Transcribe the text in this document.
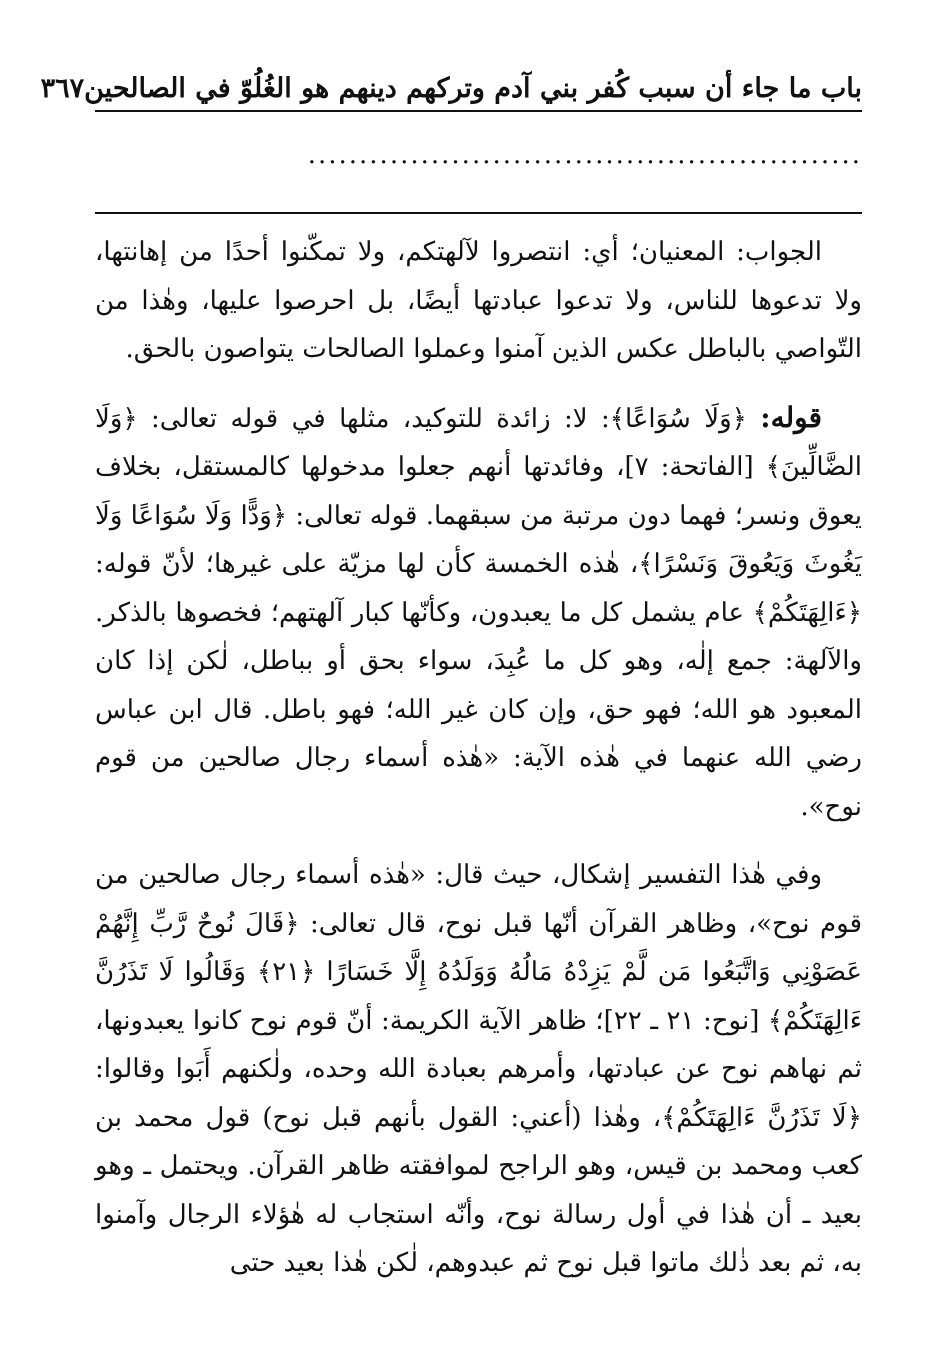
باب ما جاء أن سبب كُفر بني آدم وتركهم دينهم هو الغُلُوّ في الصالحين
٣٦٧
......................................................

الجواب: المعنيان؛ أي: انتصروا لآلهتكم، ولا تمكّنوا أحدًا من إهانتها، ولا تدعوها للناس، ولا تدعوا عبادتها أيضًا، بل احرصوا عليها، وهٰذا من التّواصي بالباطل عكس الذين آمنوا وعملوا الصالحات يتواصون بالحق.

قوله: ﴿وَلَا سُوَاعًا﴾: لا: زائدة للتوكيد، مثلها في قوله تعالى: ﴿وَلَا الضَّالِّينَ﴾ [الفاتحة: ٧]، وفائدتها أنهم جعلوا مدخولها كالمستقل، بخلاف يعوق ونسر؛ فهما دون مرتبة من سبقهما. قوله تعالى: ﴿وَدًّا وَلَا سُوَاعًا وَلَا يَغُوثَ وَيَعُوقَ وَنَسْرًا﴾، هٰذه الخمسة كأن لها مزيّة على غيرها؛ لأنّ قوله: ﴿ءَالِهَتَكُمْ﴾ عام يشمل كل ما يعبدون، وكأنّها كبار آلهتهم؛ فخصوها بالذكر. والآلهة: جمع إلٰه، وهو كل ما عُبِدَ، سواء بحق أو بباطل، لٰكن إذا كان المعبود هو الله؛ فهو حق، وإن كان غير الله؛ فهو باطل. قال ابن عباس رضي الله عنهما في هٰذه الآية: «هٰذه أسماء رجال صالحين من قوم نوح».

وفي هٰذا التفسير إشكال، حيث قال: «هٰذه أسماء رجال صالحين من قوم نوح»، وظاهر القرآن أنّها قبل نوح، قال تعالى: ﴿قَالَ نُوحٌ رَّبِّ إِنَّهُمْ عَصَوْنِي وَاتَّبَعُوا مَن لَّمْ يَزِدْهُ مَالُهُ وَوَلَدُهُ إِلَّا خَسَارًا ﴿٢١﴾ وَقَالُوا لَا تَذَرُنَّ ءَالِهَتَكُمْ﴾ [نوح: ٢١ ـ ٢٢]؛ ظاهر الآية الكريمة: أنّ قوم نوح كانوا يعبدونها، ثم نهاهم نوح عن عبادتها، وأمرهم بعبادة الله وحده، ولٰكنهم أَبَوا وقالوا: ﴿لَا تَذَرُنَّ ءَالِهَتَكُمْ﴾، وهٰذا (أعني: القول بأنهم قبل نوح) قول محمد بن كعب ومحمد بن قيس، وهو الراجح لموافقته ظاهر القرآن. ويحتمل ـ وهو بعيد ـ أن هٰذا في أول رسالة نوح، وأنّه استجاب له هٰؤلاء الرجال وآمنوا به، ثم بعد ذٰلك ماتوا قبل نوح ثم عبدوهم، لٰكن هٰذا بعيد حتى
